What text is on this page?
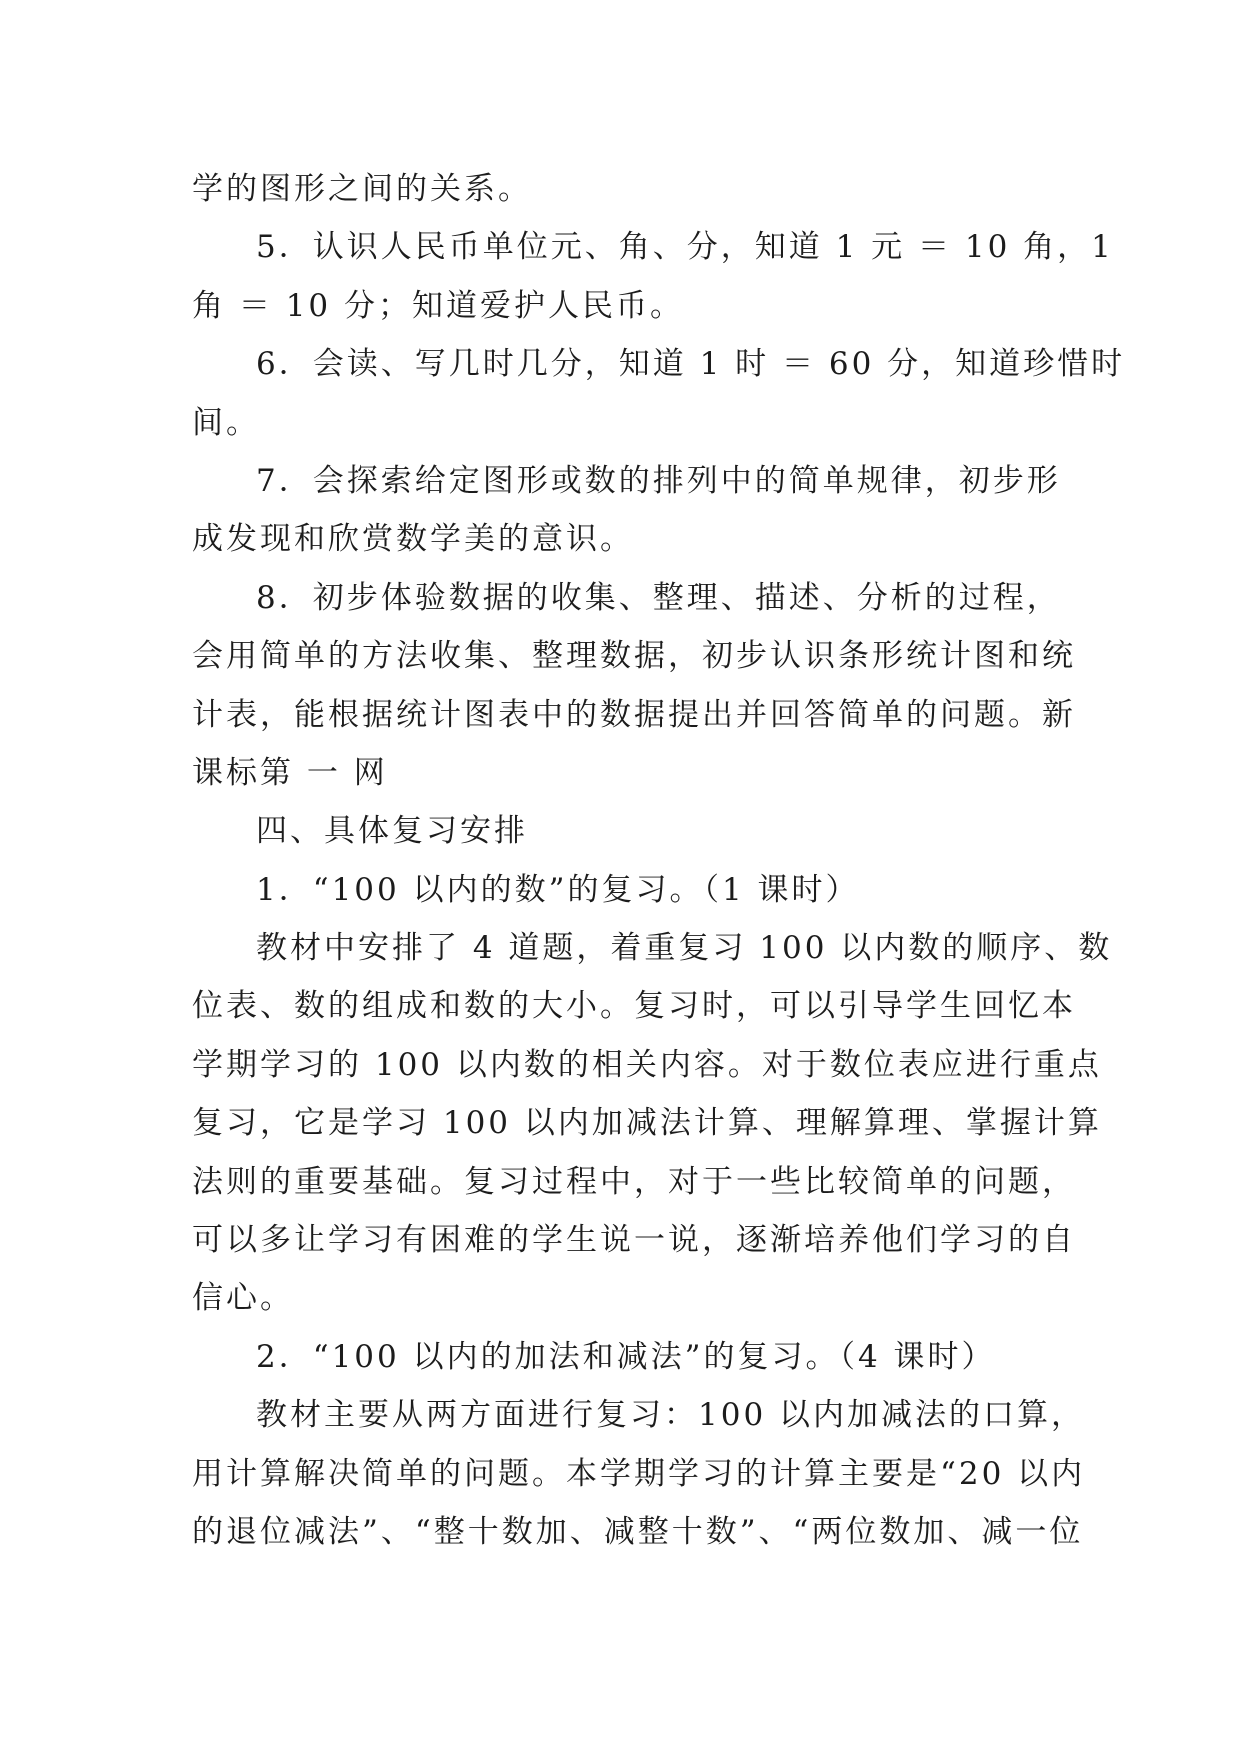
学的图形之间的关系。
5．认识人民币单位元、角、分，知道 1 元 ＝ 10 角，1
角 ＝ 10 分；知道爱护人民币。
6．会读、写几时几分，知道 1 时 ＝ 60 分，知道珍惜时
间。
7．会探索给定图形或数的排列中的简单规律，初步形
成发现和欣赏数学美的意识。
8．初步体验数据的收集、整理、描述、分析的过程，
会用简单的方法收集、整理数据，初步认识条形统计图和统
计表，能根据统计图表中的数据提出并回答简单的问题。新
课标第 一 网
四、具体复习安排
1．“100 以内的数”的复习。（1 课时）
教材中安排了 4 道题，着重复习 100 以内数的顺序、数
位表、数的组成和数的大小。复习时，可以引导学生回忆本
学期学习的 100 以内数的相关内容。对于数位表应进行重点
复习，它是学习 100 以内加减法计算、理解算理、掌握计算
法则的重要基础。复习过程中，对于一些比较简单的问题，
可以多让学习有困难的学生说一说，逐渐培养他们学习的自
信心。
2．“100 以内的加法和减法”的复习。（4 课时）
教材主要从两方面进行复习：100 以内加减法的口算，
用计算解决简单的问题。本学期学习的计算主要是“20 以内
的退位减法”、“整十数加、减整十数”、“两位数加、减一位
